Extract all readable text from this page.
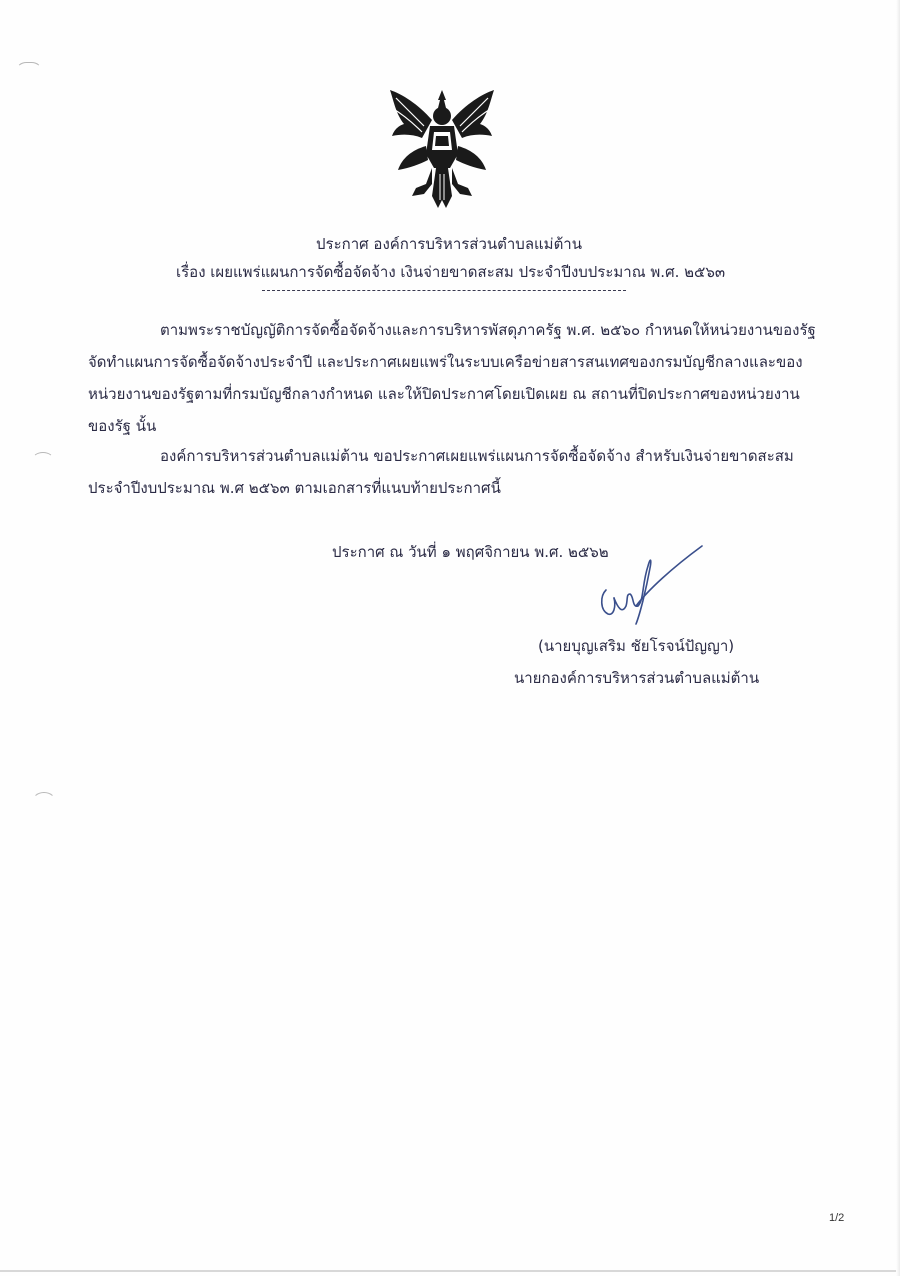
ประกาศ องค์การบริหารส่วนตำบลแม่ต้าน
เรื่อง เผยแพร่แผนการจัดซื้อจัดจ้าง เงินจ่ายขาดสะสม ประจำปีงบประมาณ พ.ศ. ๒๕๖๓
ตามพระราชบัญญัติการจัดซื้อจัดจ้างและการบริหารพัสดุภาครัฐ พ.ศ. ๒๕๖๐ กำหนดให้หน่วยงานของรัฐ
จัดทำแผนการจัดซื้อจัดจ้างประจำปี และประกาศเผยแพร่ในระบบเครือข่ายสารสนเทศของกรมบัญชีกลางและของ
หน่วยงานของรัฐตามที่กรมบัญชีกลางกำหนด และให้ปิดประกาศโดยเปิดเผย ณ สถานที่ปิดประกาศของหน่วยงาน
ของรัฐ นั้น
องค์การบริหารส่วนตำบลแม่ต้าน ขอประกาศเผยแพร่แผนการจัดซื้อจัดจ้าง สำหรับเงินจ่ายขาดสะสม
ประจำปีงบประมาณ พ.ศ ๒๕๖๓ ตามเอกสารที่แนบท้ายประกาศนี้
ประกาศ ณ วันที่ ๑ พฤศจิกายน พ.ศ. ๒๕๖๒
(นายบุญเสริม ชัยโรจน์ปัญญา)
นายกองค์การบริหารส่วนตำบลแม่ต้าน
1/2
